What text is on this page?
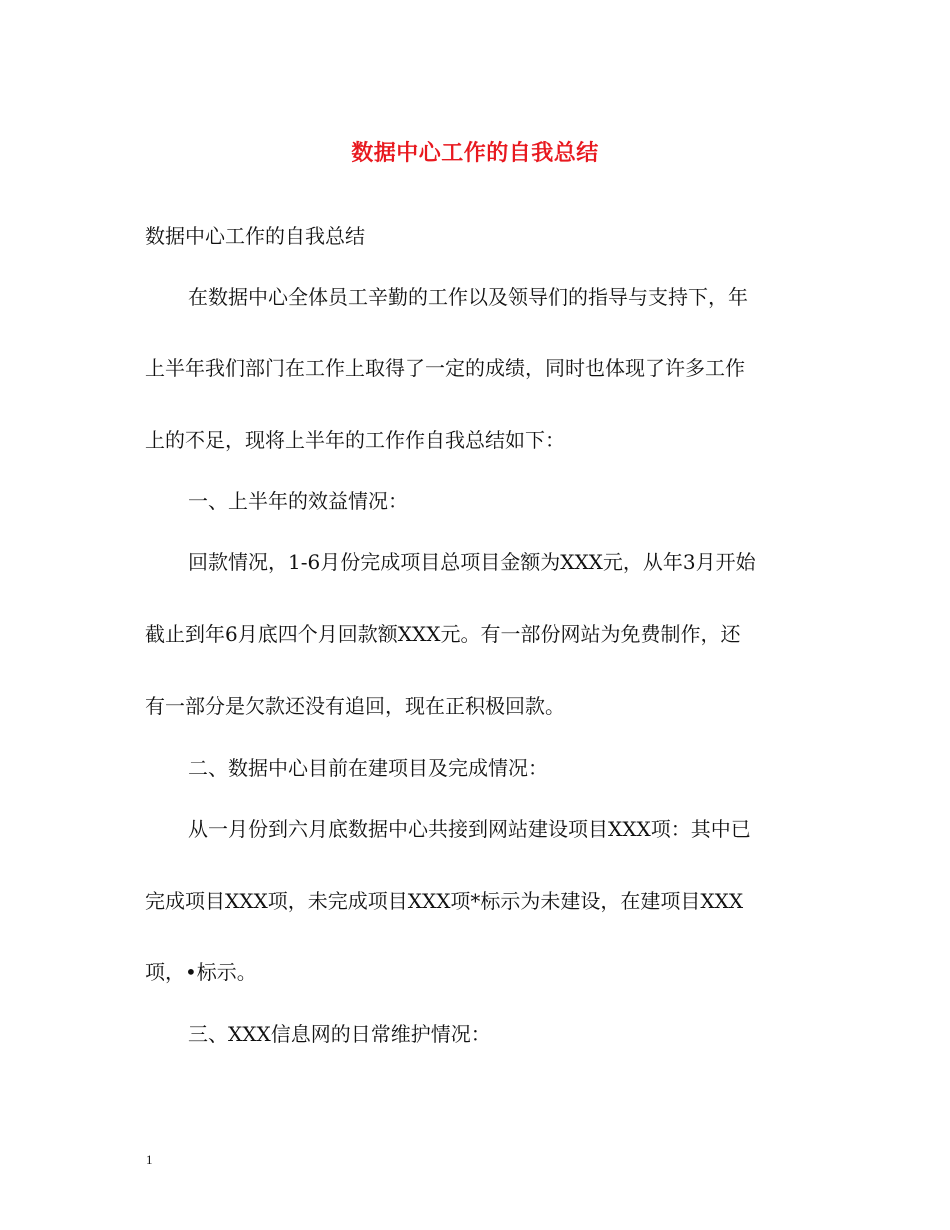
数据中心工作的自我总结
数据中心工作的自我总结
在数据中心全体员工辛勤的工作以及领导们的指导与支持下，年
上半年我们部门在工作上取得了一定的成绩，同时也体现了许多工作
上的不足，现将上半年的工作作自我总结如下：
一、上半年的效益情况：
回款情况，1-6月份完成项目总项目金额为XXX元，从年3月开始
截止到年6月底四个月回款额XXX元。有一部份网站为免费制作，还
有一部分是欠款还没有追回，现在正积极回款。
二、数据中心目前在建项目及完成情况：
从一月份到六月底数据中心共接到网站建设项目XXX项：其中已
完成项目XXX项，未完成项目XXX项*标示为未建设，在建项目XXX
项，•标示。
三、XXX信息网的日常维护情况：
1
